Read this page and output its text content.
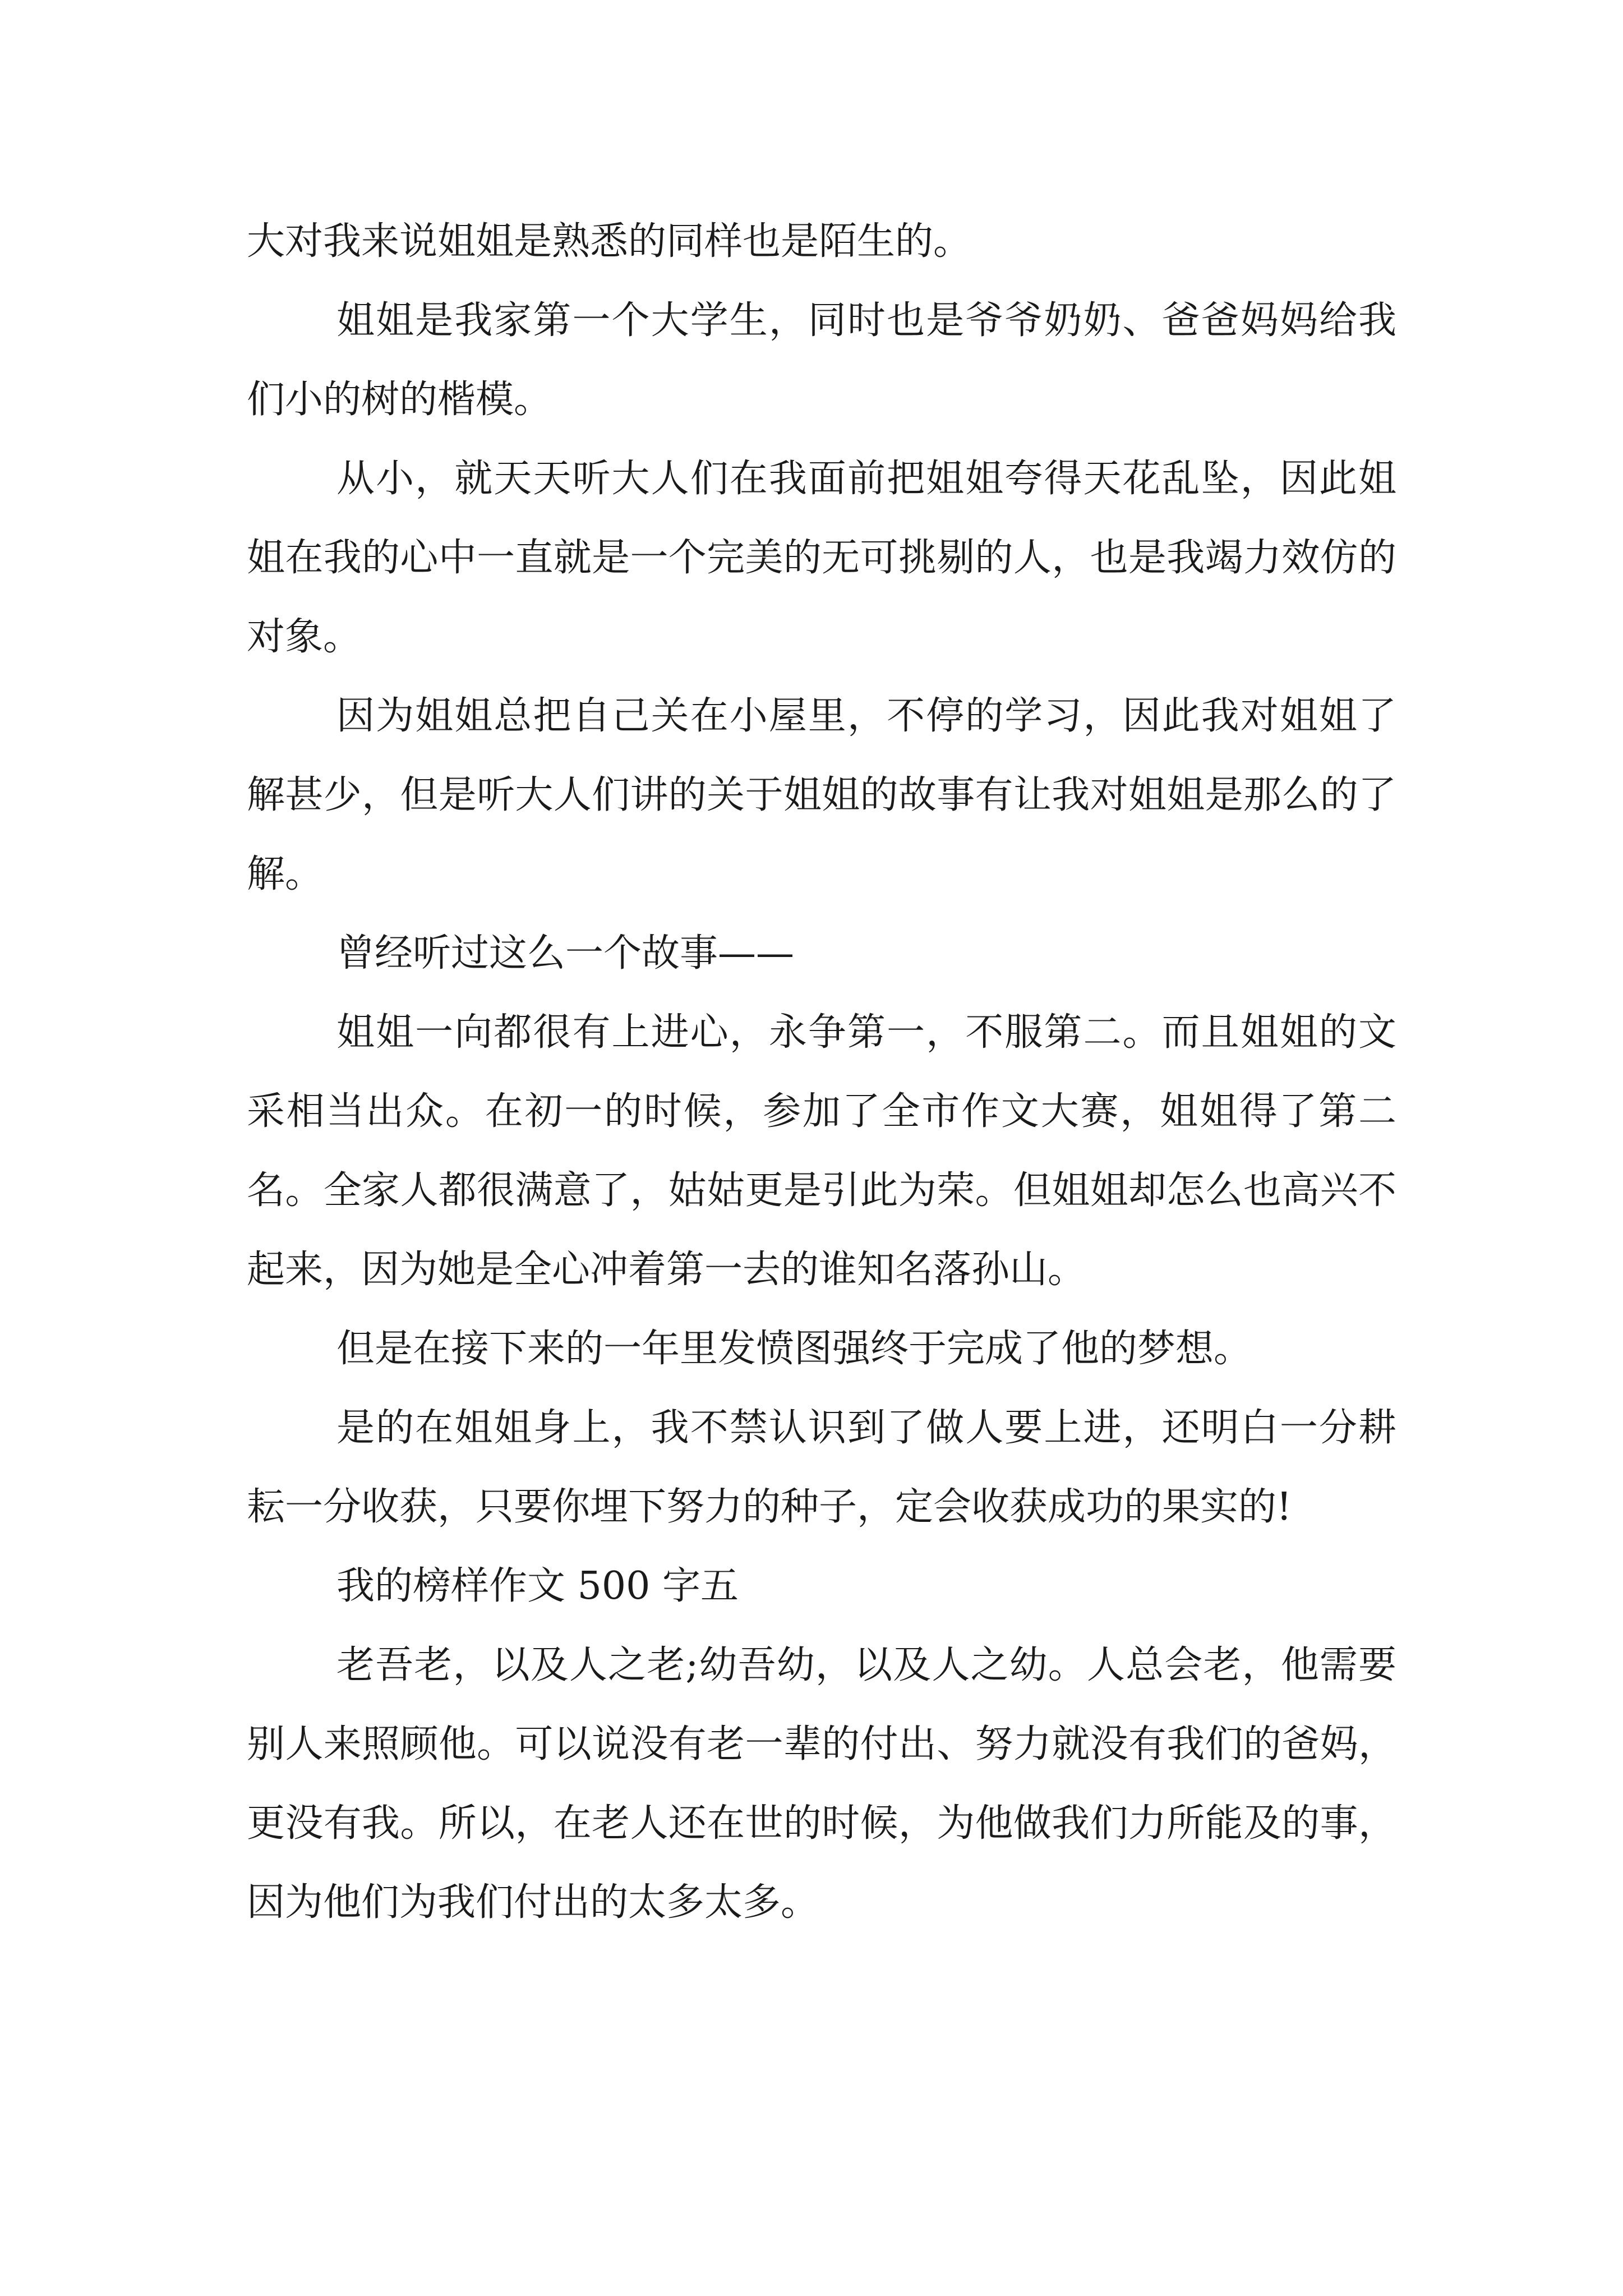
大对我来说姐姐是熟悉的同样也是陌生的。

姐姐是我家第一个大学生，同时也是爷爷奶奶、爸爸妈妈给我们小的树的楷模。

从小，就天天听大人们在我面前把姐姐夸得天花乱坠，因此姐姐在我的心中一直就是一个完美的无可挑剔的人，也是我竭力效仿的对象。

因为姐姐总把自己关在小屋里，不停的学习，因此我对姐姐了解甚少，但是听大人们讲的关于姐姐的故事有让我对姐姐是那么的了解。

曾经听过这么一个故事——

姐姐一向都很有上进心，永争第一，不服第二。而且姐姐的文采相当出众。在初一的时候，参加了全市作文大赛，姐姐得了第二名。全家人都很满意了，姑姑更是引此为荣。但姐姐却怎么也高兴不起来，因为她是全心冲着第一去的谁知名落孙山。

但是在接下来的一年里发愤图强终于完成了他的梦想。

是的在姐姐身上，我不禁认识到了做人要上进，还明白一分耕耘一分收获，只要你埋下努力的种子，定会收获成功的果实的!

我的榜样作文 500 字五

老吾老，以及人之老;幼吾幼，以及人之幼。人总会老，他需要别人来照顾他。可以说没有老一辈的付出、努力就没有我们的爸妈，更没有我。所以，在老人还在世的时候，为他做我们力所能及的事，因为他们为我们付出的太多太多。
